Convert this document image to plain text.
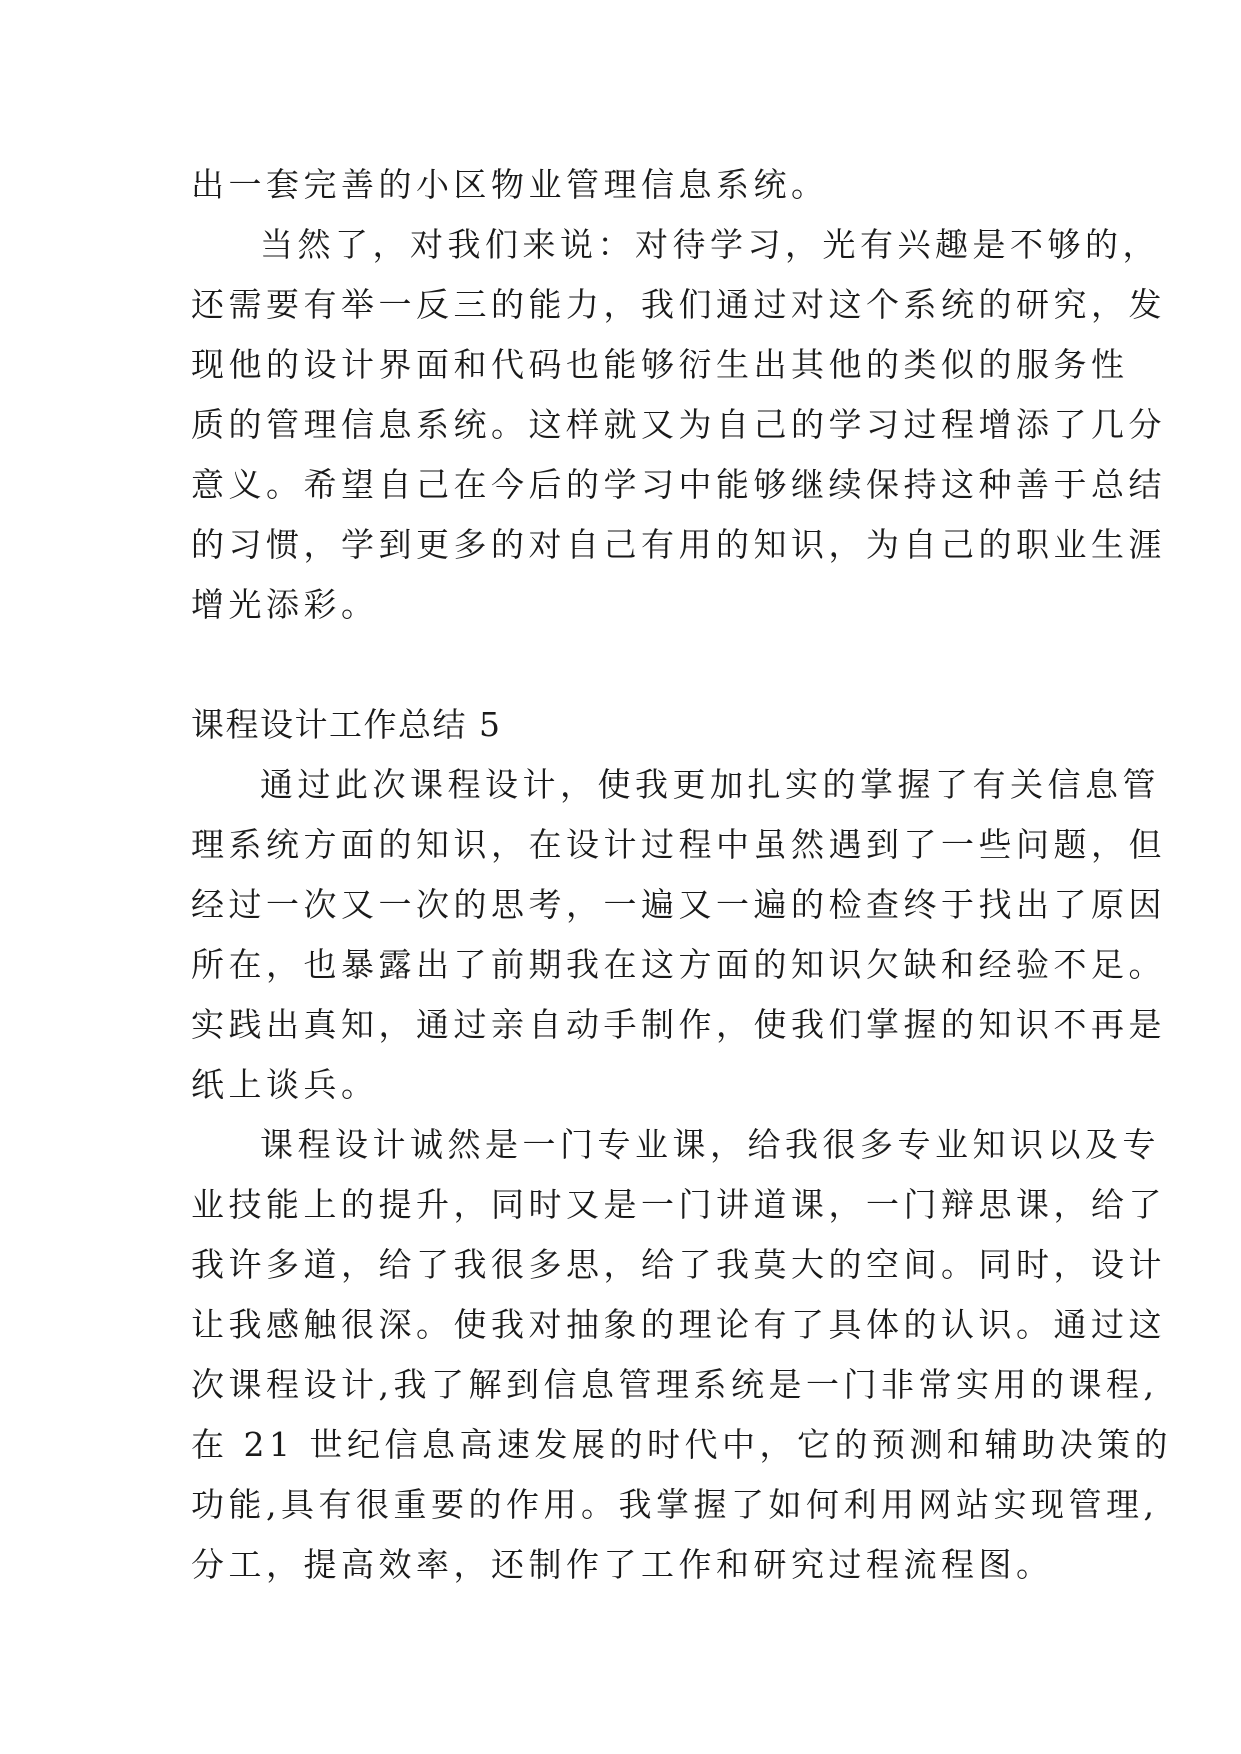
出一套完善的小区物业管理信息系统。

当然了，对我们来说：对待学习，光有兴趣是不够的，

还需要有举一反三的能力，我们通过对这个系统的研究，发

现他的设计界面和代码也能够衍生出其他的类似的服务性

质的管理信息系统。这样就又为自己的学习过程增添了几分

意义。希望自己在今后的学习中能够继续保持这种善于总结

的习惯，学到更多的对自己有用的知识，为自己的职业生涯

增光添彩。

课程设计工作总结 5

通过此次课程设计，使我更加扎实的掌握了有关信息管

理系统方面的知识，在设计过程中虽然遇到了一些问题，但

经过一次又一次的思考，一遍又一遍的检查终于找出了原因

所在，也暴露出了前期我在这方面的知识欠缺和经验不足。

实践出真知，通过亲自动手制作，使我们掌握的知识不再是

纸上谈兵。

课程设计诚然是一门专业课，给我很多专业知识以及专

业技能上的提升，同时又是一门讲道课，一门辩思课，给了

我许多道，给了我很多思，给了我莫大的空间。同时，设计

让我感触很深。使我对抽象的理论有了具体的认识。通过这

次课程设计,我了解到信息管理系统是一门非常实用的课程,

在 21 世纪信息高速发展的时代中，它的预测和辅助决策的

功能,具有很重要的作用。我掌握了如何利用网站实现管理,

分工，提高效率，还制作了工作和研究过程流程图。
